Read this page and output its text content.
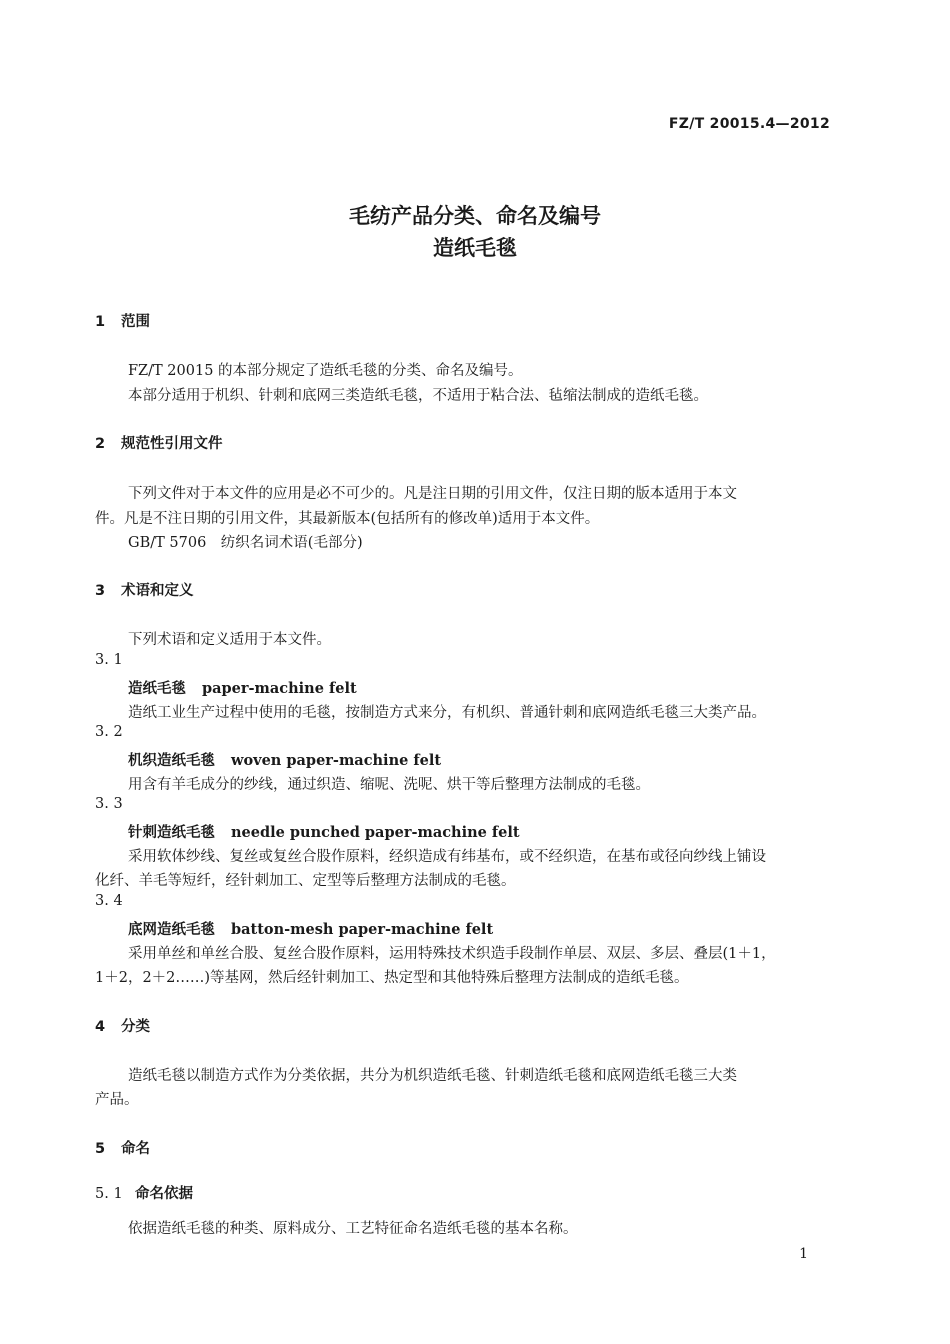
FZ/T 20015.4—2012
毛纺产品分类、命名及编号
造纸毛毯
1 范围
FZ/T 20015 的本部分规定了造纸毛毯的分类、命名及编号。
本部分适用于机织、针刺和底网三类造纸毛毯，不适用于粘合法、毡缩法制成的造纸毛毯。
2 规范性引用文件
下列文件对于本文件的应用是必不可少的。凡是注日期的引用文件，仅注日期的版本适用于本文
件。凡是不注日期的引用文件，其最新版本(包括所有的修改单)适用于本文件。
GB/T 5706　纺织名词术语(毛部分)
3 术语和定义
下列术语和定义适用于本文件。
3. 1
造纸毛毯 paper-machine felt
造纸工业生产过程中使用的毛毯，按制造方式来分，有机织、普通针刺和底网造纸毛毯三大类产品。
3. 2
机织造纸毛毯 woven paper-machine felt
用含有羊毛成分的纱线，通过织造、缩呢、洗呢、烘干等后整理方法制成的毛毯。
3. 3
针刺造纸毛毯 needle punched paper-machine felt
采用软体纱线、复丝或复丝合股作原料，经织造成有纬基布，或不经织造，在基布或径向纱线上铺设
化纤、羊毛等短纤，经针刺加工、定型等后整理方法制成的毛毯。
3. 4
底网造纸毛毯 batton-mesh paper-machine felt
采用单丝和单丝合股、复丝合股作原料，运用特殊技术织造手段制作单层、双层、多层、叠层(1＋1，
1＋2，2＋2……)等基网，然后经针刺加工、热定型和其他特殊后整理方法制成的造纸毛毯。
4 分类
造纸毛毯以制造方式作为分类依据，共分为机织造纸毛毯、针刺造纸毛毯和底网造纸毛毯三大类
产品。
5 命名
5. 1 命名依据
依据造纸毛毯的种类、原料成分、工艺特征命名造纸毛毯的基本名称。
1
